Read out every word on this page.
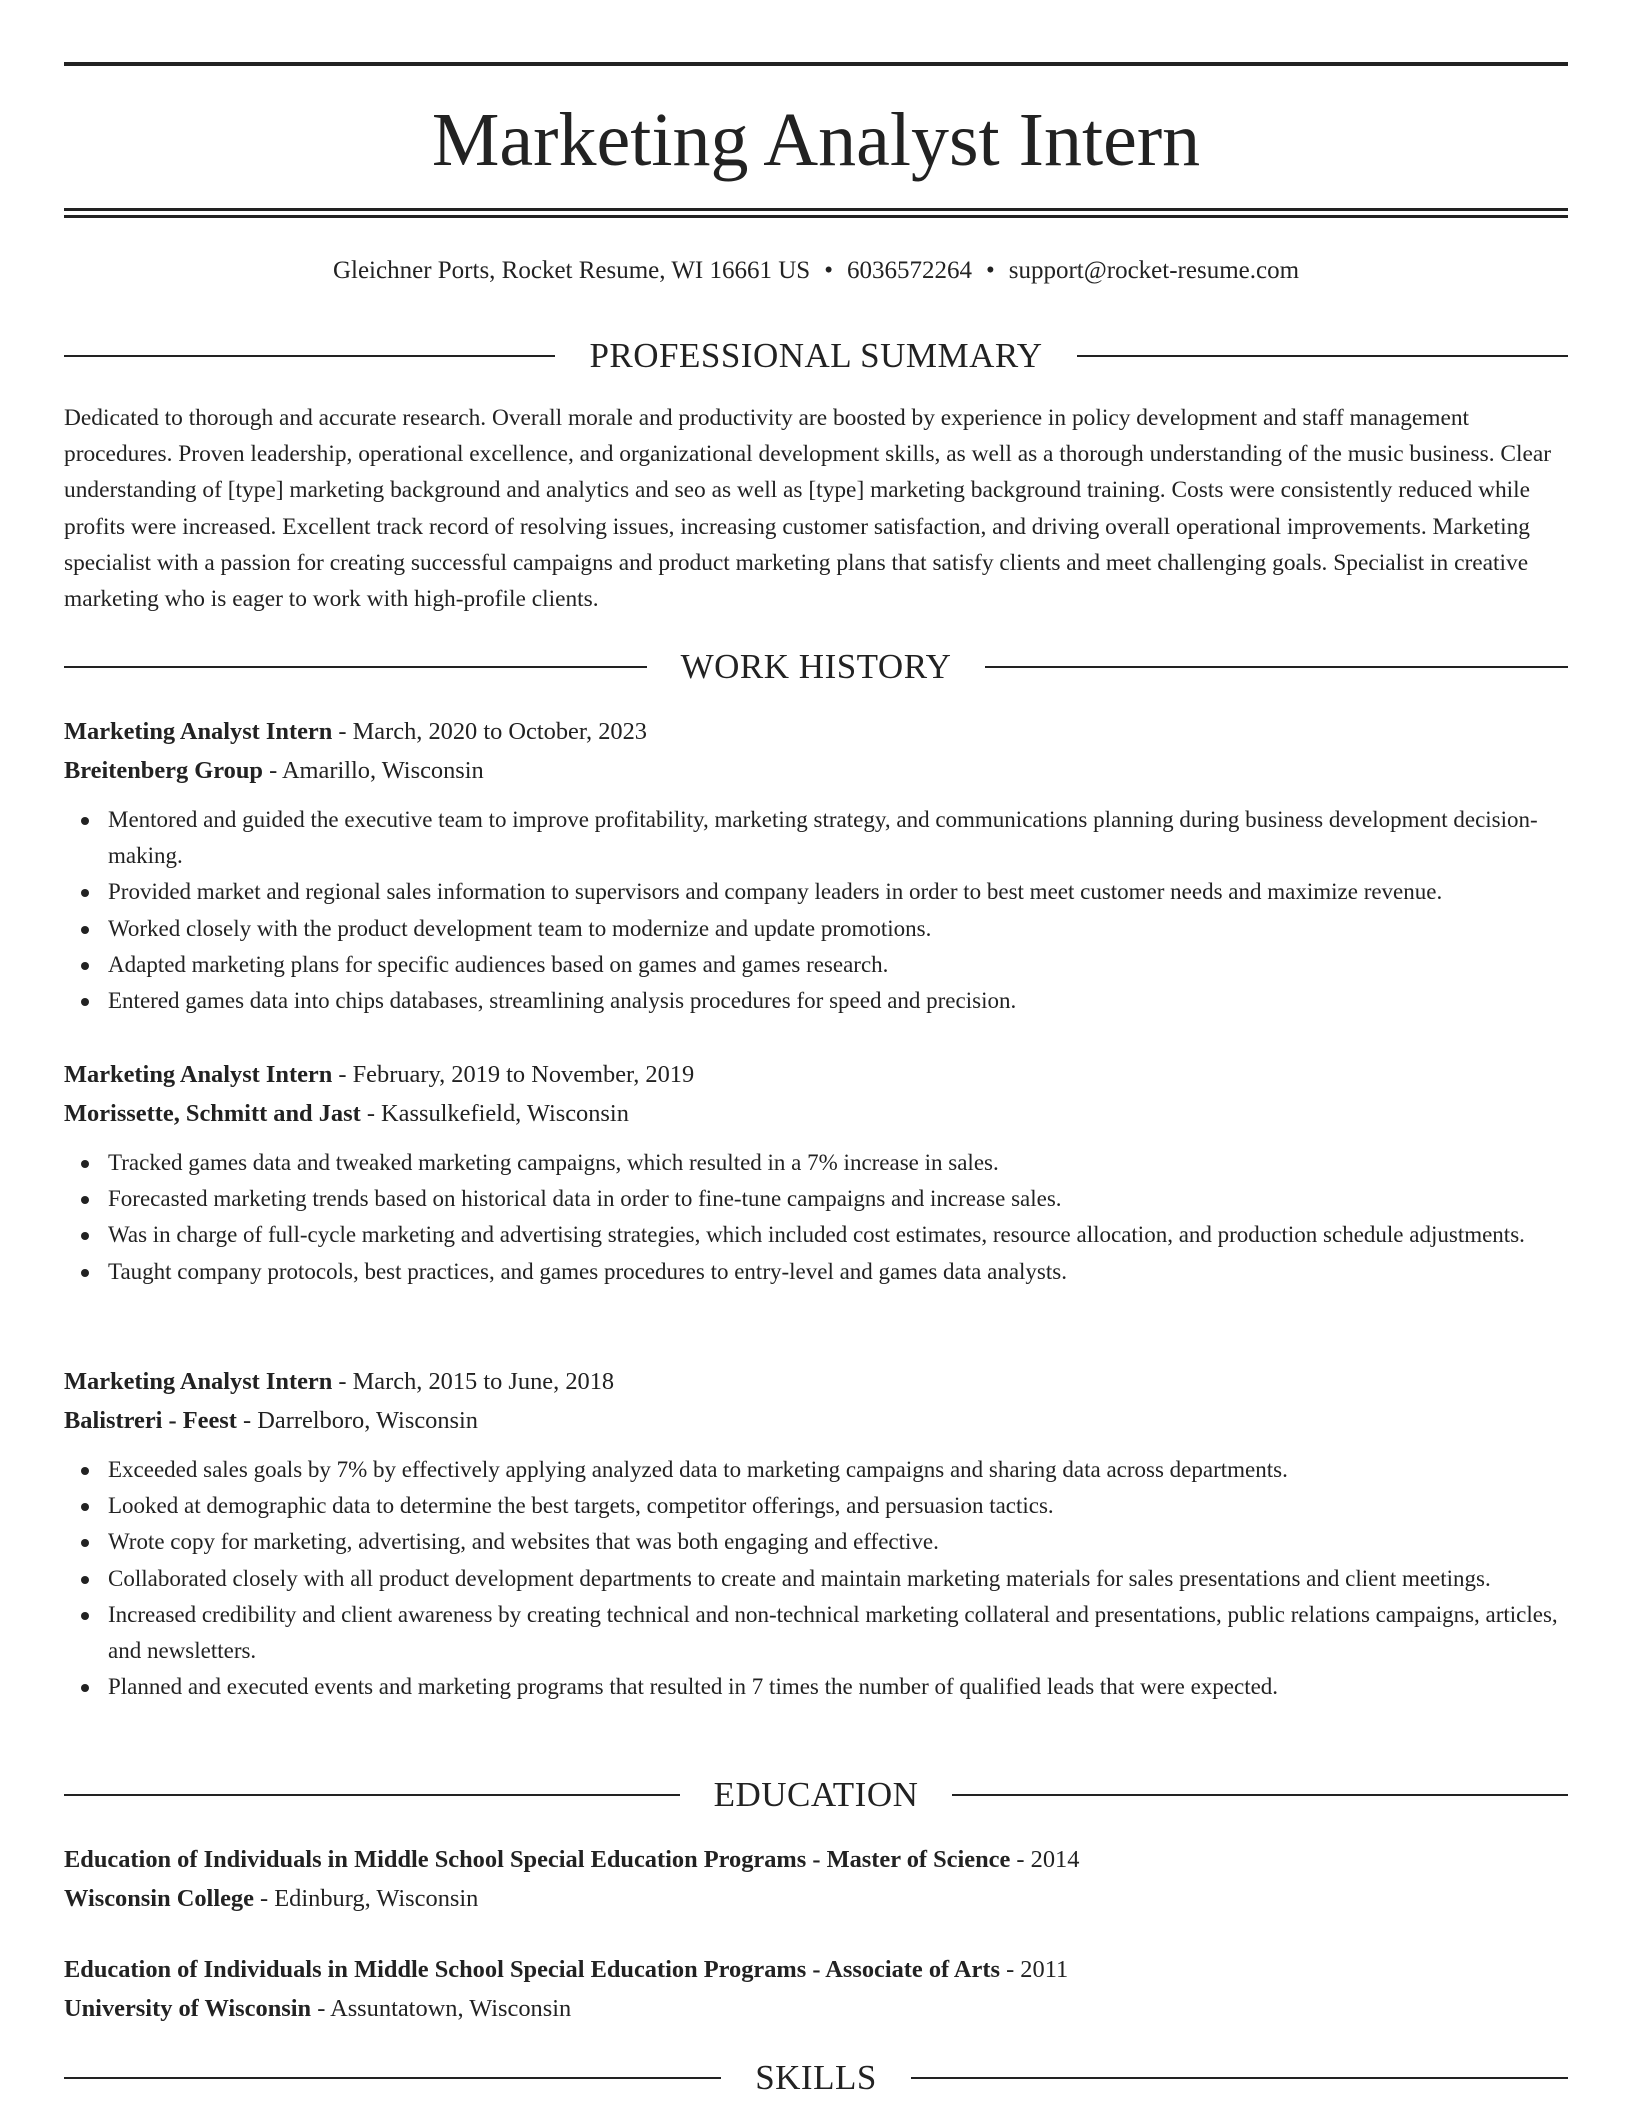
Marketing Analyst Intern
Gleichner Ports, Rocket Resume, WI 16661 US • 6036572264 • support@rocket-resume.com
PROFESSIONAL SUMMARY

Dedicated to thorough and accurate research. Overall morale and productivity are boosted by experience in policy development and staff management procedures. Proven leadership, operational excellence, and organizational development skills, as well as a thorough understanding of the music business. Clear understanding of [type] marketing background and analytics and seo as well as [type] marketing background training. Costs were consistently reduced while profits were increased. Excellent track record of resolving issues, increasing customer satisfaction, and driving overall operational improvements. Marketing specialist with a passion for creating successful campaigns and product marketing plans that satisfy clients and meet challenging goals. Specialist in creative marketing who is eager to work with high-profile clients.

WORK HISTORY
Marketing Analyst Intern - March, 2020 to October, 2023
Breitenberg Group - Amarillo, Wisconsin
Mentored and guided the executive team to improve profitability, marketing strategy, and communications planning during business development decision-making.
Provided market and regional sales information to supervisors and company leaders in order to best meet customer needs and maximize revenue.
Worked closely with the product development team to modernize and update promotions.
Adapted marketing plans for specific audiences based on games and games research.
Entered games data into chips databases, streamlining analysis procedures for speed and precision.
Marketing Analyst Intern - February, 2019 to November, 2019
Morissette, Schmitt and Jast - Kassulkefield, Wisconsin
Tracked games data and tweaked marketing campaigns, which resulted in a 7% increase in sales.
Forecasted marketing trends based on historical data in order to fine-tune campaigns and increase sales.
Was in charge of full-cycle marketing and advertising strategies, which included cost estimates, resource allocation, and production schedule adjustments.
Taught company protocols, best practices, and games procedures to entry-level and games data analysts.
Marketing Analyst Intern - March, 2015 to June, 2018
Balistreri - Feest - Darrelboro, Wisconsin
Exceeded sales goals by 7% by effectively applying analyzed data to marketing campaigns and sharing data across departments.
Looked at demographic data to determine the best targets, competitor offerings, and persuasion tactics.
Wrote copy for marketing, advertising, and websites that was both engaging and effective.
Collaborated closely with all product development departments to create and maintain marketing materials for sales presentations and client meetings.
Increased credibility and client awareness by creating technical and non-technical marketing collateral and presentations, public relations campaigns, articles, and newsletters.
Planned and executed events and marketing programs that resulted in 7 times the number of qualified leads that were expected.
EDUCATION
Education of Individuals in Middle School Special Education Programs - Master of Science - 2014
Wisconsin College - Edinburg, Wisconsin
Education of Individuals in Middle School Special Education Programs - Associate of Arts - 2011
University of Wisconsin - Assuntatown, Wisconsin
SKILLS
